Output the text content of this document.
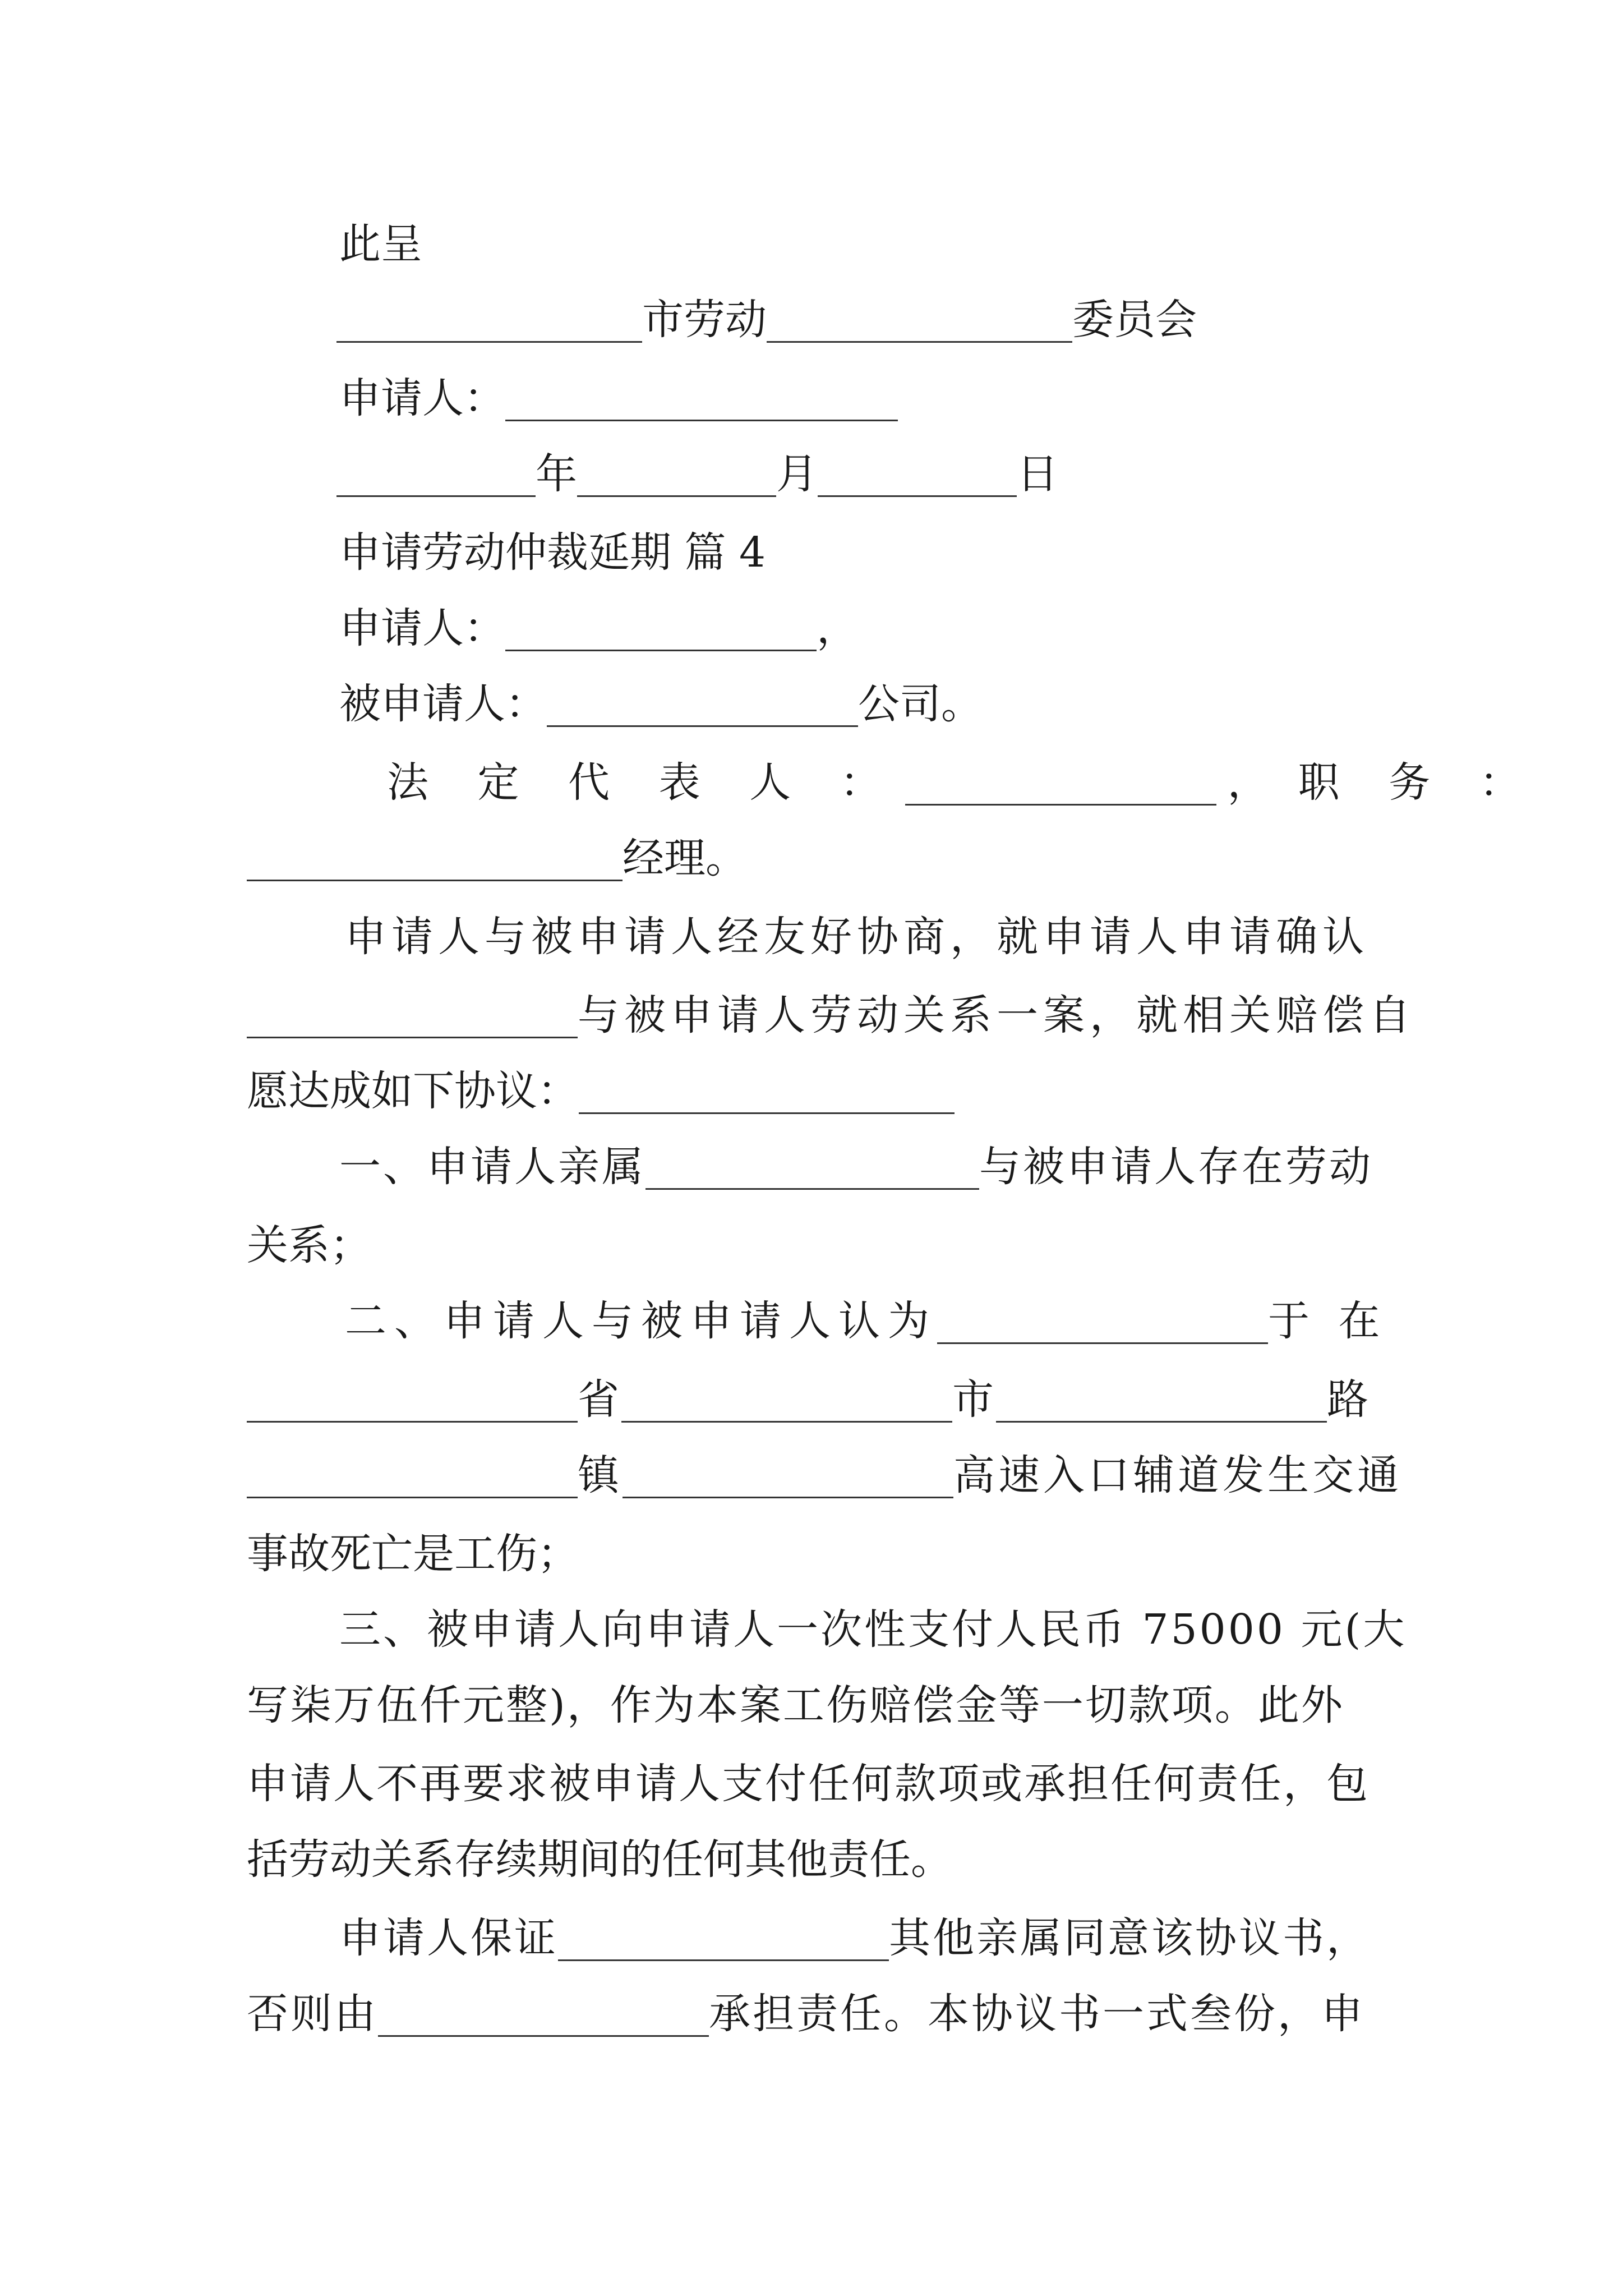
此呈
市劳动	委员会
申请人：
年	月	日
申请劳动仲裁延期 篇 4
申请人：	，
被申请人：	公司。
法 定 代 表 人 ：	， 职 务 ：
经理。
申请人与被申请人经友好协商，就申请人申请确认
与被申请人劳动关系一案，就相关赔偿自
愿达成如下协议：
一、申请人亲属	与被申请人存在劳动
关系；
二、申请人与被申请人认为	于 在
省	市	路
镇	高速入口辅道发生交通
事故死亡是工伤；
三、被申请人向申请人一次性支付人民币 75000 元(大
写柒万伍仟元整)，作为本案工伤赔偿金等一切款项。此外
申请人不再要求被申请人支付任何款项或承担任何责任，包
括劳动关系存续期间的任何其他责任。
申请人保证	其他亲属同意该协议书，
否则由	承担责任。本协议书一式叁份，申
